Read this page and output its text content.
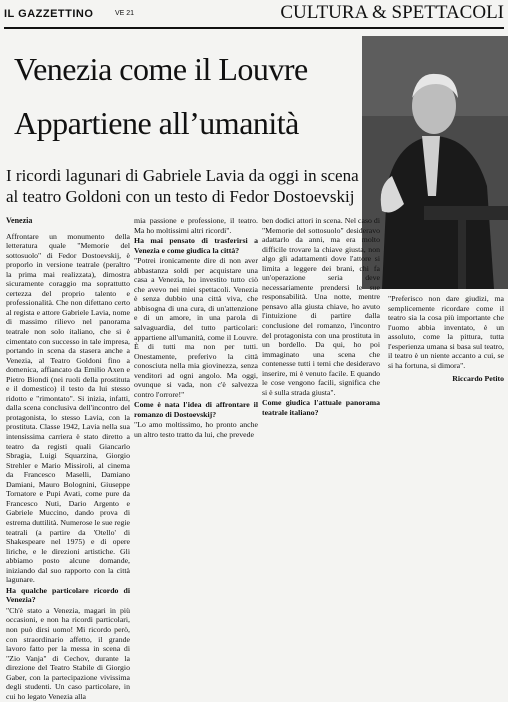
IL GAZZETTINO	VE 21	CULTURA & SPETTACOLI
Venezia come il Louvre
Appartiene all’umanità
I ricordi lagunari di Gabriele Lavia da oggi in scena
al teatro Goldoni con un testo di Fedor Dostoevskij
Venezia

Affrontare un monumento della letteratura quale "Memorie del sottosuolo" di Fedor Dostoevskij, è proporlo in versione teatrale (peraltro la prima mai realizzata), dimostra sicuramente coraggio ma soprattutto certezza del proprio talento e professionalità. Che non difettano certo al regista e attore Gabriele Lavia, nome di massimo rilievo nel panorama teatrale non solo italiano, che si è cimentato con successo in tale impresa, portando in scena da stasera anche a Venezia, al Teatro Goldoni fino a domenica, affiancato da Emilio Axen e Pietro Biondi (nei ruoli della prostituta e il domestico) il testo da lui stesso ridotto e "rimontato". Si inizia, infatti, dalla scena conclusiva dell'incontro del protagonista, lo stesso Lavia, con la prostituta. Classe 1942, Lavia nella sua intensissima carriera è stato diretto a teatro da registi quali Giancarlo Sbragia, Luigi Squarzina, Giorgio Strehler e Mario Missiroli, al cinema da Francesco Maselli, Damiano Damiani, Mauro Bolognini, Giuseppe Tornatore e Pupi Avati, come pure da Francesco Nuti, Dario Argento e Gabriele Muccino, dando prova di estrema duttilità. Numerose le sue regie teatrali (a partire da 'Otello' di Shakespeare nel 1975) e di opere liriche, e le direzioni artistiche. Gli abbiamo posto alcune domande, iniziando dal suo rapporto con la città lagunare.

Ha qualche particolare ricordo di Venezia?

"Ch'è stato a Venezia, magari in più occasioni, e non ha ricordi particolari, non può dirsi uomo! Mi ricordo però, con straordinario affetto, il grande lavoro fatto per la messa in scena di "Zio Vanja" di Cechov, durante la direzione del Teatro Stabile di Giorgio Gaber, con la partecipazione vivissima degli studenti. Un caso particolare, in cui ho legato Venezia alla

mia passione e professione, il teatro. Ma ho moltissimi altri ricordi".

Ha mai pensato di trasferirsi a Venezia e come giudica la città?

"Potrei ironicamente dire di non aver abbastanza soldi per acquistare una casa a Venezia, ho investito tutto ciò che avevo nei miei spettacoli. Venezia è senza dubbio una città viva, che abbisogna di una cura, di un'attenzione e di un amore, in una parola di salvaguardia, del tutto particolari: appartiene all'umanità, come il Louvre. È di tutti ma non per tutti. Onestamente, preferivo la città conosciuta nella mia giovinezza, senza venditori ad ogni angolo. Ma oggi, ovunque si vada, non c'è salvezza contro l'orrore!"

Come è nata l'idea di affrontare il romanzo di Dostoevskij?

"Lo amo moltissimo, ho pronto anche un altro testo tratto da lui, che prevede

ben dodici attori in scena. Nel caso di "Memorie del sottosuolo" desideravo adattarlo da anni, ma era molto difficile trovare la chiave giusta, non algo gli adattamenti dove l'attore si limita a leggere dei brani, chi fa un'operazione seria deve necessariamente prendersi le sue responsabilità. Una notte, mentre pensavo alla giusta chiave, ho avuto l'intuizione di partire dalla conclusione del romanzo, l'incontro del protagonista con una prostituta in un bordello. Da qui, ho poi immaginato una scena che contenesse tutti i temi che desideravo inserire, mi è venuto facile. E quando le cose vengono facili, significa che si è sulla strada giusta".

Come giudica l'attuale panorama teatrale italiano?

"Preferisco non dare giudizi, ma semplicemente ricordare come il teatro sia la cosa più importante che l'uomo abbia inventato, è un assoluto, come la pittura, tutta l'esperienza umana si basa sul teatro, il teatro è un niente accanto a cui, se si ha fortuna, si dimora".

Riccardo Petito
